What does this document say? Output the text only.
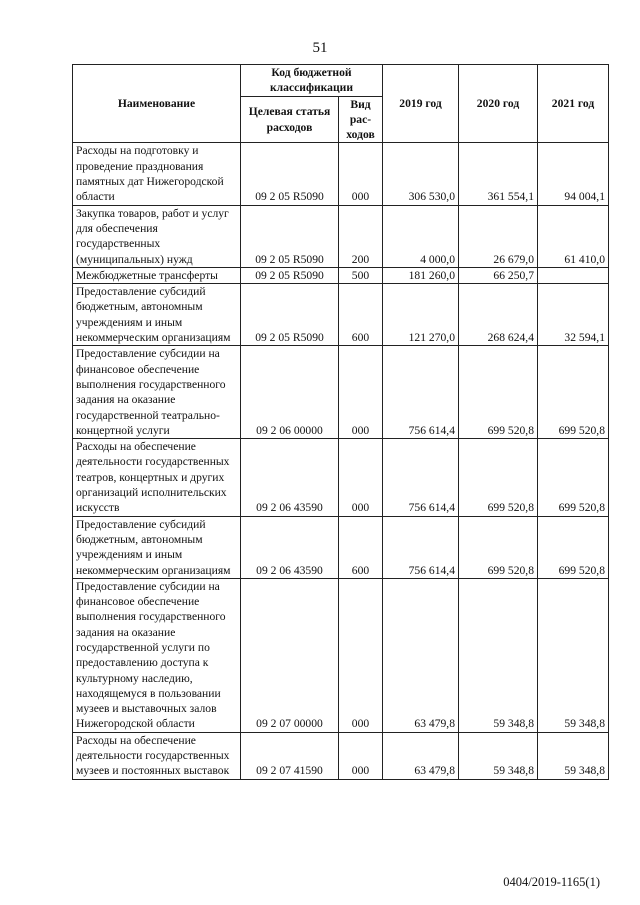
51
Наименование	Код бюджетной классификации		2019 год	2020 год	2021 год
	Целевая статья расходов	Вид рас-ходов			
Расходы на подготовку и проведение празднования памятных дат Нижегородской области	09 2 05 R5090	000	306 530,0	361 554,1	94 004,1
Закупка товаров, работ и услуг для обеспечения государственных (муниципальных) нужд	09 2 05 R5090	200	4 000,0	26 679,0	61 410,0
Межбюджетные трансферты	09 2 05 R5090	500	181 260,0	66 250,7	
Предоставление субсидий бюджетным, автономным учреждениям и иным некоммерческим организациям	09 2 05 R5090	600	121 270,0	268 624,4	32 594,1
Предоставление субсидии на финансовое обеспечение выполнения государственного задания на оказание государственной театрально-концертной услуги	09 2 06 00000	000	756 614,4	699 520,8	699 520,8
Расходы на обеспечение деятельности государственных театров, концертных и других организаций исполнительских искусств	09 2 06 43590	000	756 614,4	699 520,8	699 520,8
Предоставление субсидий бюджетным, автономным учреждениям и иным некоммерческим организациям	09 2 06 43590	600	756 614,4	699 520,8	699 520,8
Предоставление субсидии на финансовое обеспечение выполнения государственного задания на оказание государственной услуги по предоставлению доступа к культурному наследию, находящемуся в пользовании музеев и выставочных залов Нижегородской области	09 2 07 00000	000	63 479,8	59 348,8	59 348,8
Расходы на обеспечение деятельности государственных музеев и постоянных выставок	09 2 07 41590	000	63 479,8	59 348,8	59 348,8
0404/2019-1165(1)
